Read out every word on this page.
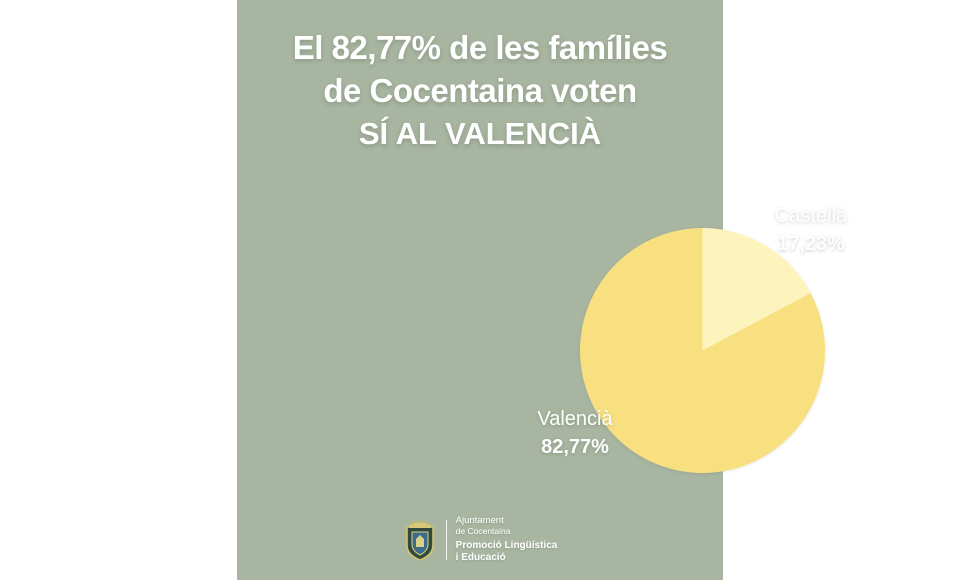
El 82,77% de les famílies
de Cocentaina voten
SÍ AL VALENCIÀ
Castellà
17,23%
Valencià
82,77%
Ajuntament
de Cocentaina
Promoció Lingüística
i Educació
